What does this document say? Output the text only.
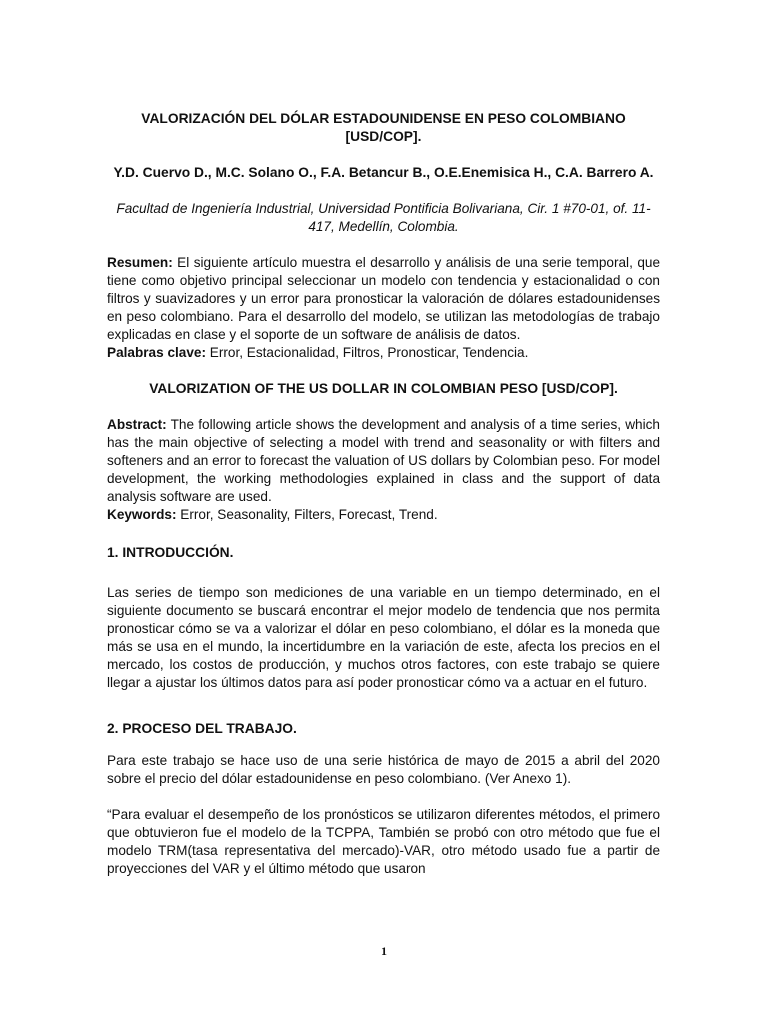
VALORIZACIÓN DEL DÓLAR ESTADOUNIDENSE EN PESO COLOMBIANO [USD/COP].
Y.D. Cuervo D., M.C. Solano O., F.A. Betancur B., O.E.Enemisica H., C.A. Barrero A.
Facultad de Ingeniería Industrial, Universidad Pontificia Bolivariana, Cir. 1 #70-01, of. 11-417, Medellín, Colombia.

Resumen: El siguiente artículo muestra el desarrollo y análisis de una serie temporal, que tiene como objetivo principal seleccionar un modelo con tendencia y estacionalidad o con filtros y suavizadores y un error para pronosticar la valoración de dólares estadounidenses en peso colombiano. Para el desarrollo del modelo, se utilizan las metodologías de trabajo explicadas en clase y el soporte de un software de análisis de datos.

Palabras clave: Error, Estacionalidad, Filtros, Pronosticar, Tendencia.

VALORIZATION OF THE US DOLLAR IN COLOMBIAN PESO [USD/COP].

Abstract: The following article shows the development and analysis of a time series, which has the main objective of selecting a model with trend and seasonality or with filters and softeners and an error to forecast the valuation of US dollars by Colombian peso. For model development, the working methodologies explained in class and the support of data analysis software are used.

Keywords: Error, Seasonality, Filters, Forecast, Trend.

1. INTRODUCCIÓN.

Las series de tiempo son mediciones de una variable en un tiempo determinado, en el siguiente documento se buscará encontrar el mejor modelo de tendencia que nos permita pronosticar cómo se va a valorizar el dólar en peso colombiano, el dólar es la moneda que más se usa en el mundo, la incertidumbre en la variación de este, afecta los precios en el mercado, los costos de producción, y muchos otros factores, con este trabajo se quiere llegar a ajustar los últimos datos para así poder pronosticar cómo va a actuar en el futuro.

2. PROCESO DEL TRABAJO.

Para este trabajo se hace uso de una serie histórica de mayo de 2015 a abril del 2020 sobre el precio del dólar estadounidense en peso colombiano. (Ver Anexo 1).

“Para evaluar el desempeño de los pronósticos se utilizaron diferentes métodos, el primero que obtuvieron fue el modelo de la TCPPA, También se probó con otro método que fue el modelo TRM(tasa representativa del mercado)-VAR, otro método usado fue a partir de proyecciones del VAR y el último método que usaron

1
